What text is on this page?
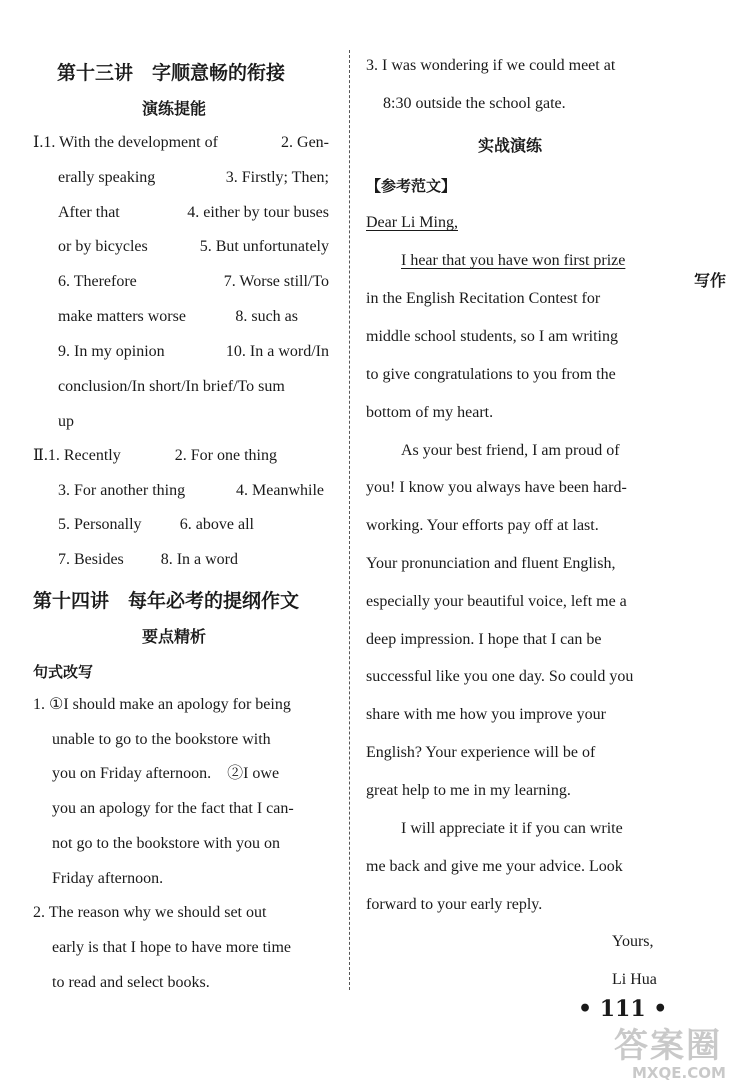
第十三讲　字顺意畅的衔接
演练提能
Ⅰ.1. With the development of	2. Gen-
erally speaking	3. Firstly; Then;
After that	4. either by tour buses
or by bicycles	5. But unfortunately
6. Therefore	7. Worse still/To
make matters worse	8. such as
9. In my opinion	10. In a word/In
conclusion/In short/In brief/To sum
up
Ⅱ.1. Recently	2. For one thing
3. For another thing	4. Meanwhile
5. Personally 6. above all
7. Besides 8. In a word
第十四讲　每年必考的提纲作文
要点精析
句式改写
1. ①I should make an apology for being
unable to go to the bookstore with
you on Friday afternoon.　②I owe
you an apology for the fact that I can-
not go to the bookstore with you on
Friday afternoon.
2. The reason why we should set out
early is that I hope to have more time
to read and select books.
3. I was wondering if we could meet at
8:30 outside the school gate.
实战演练
【参考范文】
Dear Li Ming,
I hear that you have won first prize
in the English Recitation Contest for
middle school students, so I am writing
to give congratulations to you from the
bottom of my heart.
As your best friend, I am proud of
you! I know you always have been hard-
working. Your efforts pay off at last.
Your pronunciation and fluent English,
especially your beautiful voice, left me a
deep impression. I hope that I can be
successful like you one day. So could you
share with me how you improve your
English? Your experience will be of
great help to me in my learning.
I will appreciate it if you can write
me back and give me your advice. Look
forward to your early reply.
Yours,
Li Hua
写作
• 111 •
答案圈
MXQE.COM
